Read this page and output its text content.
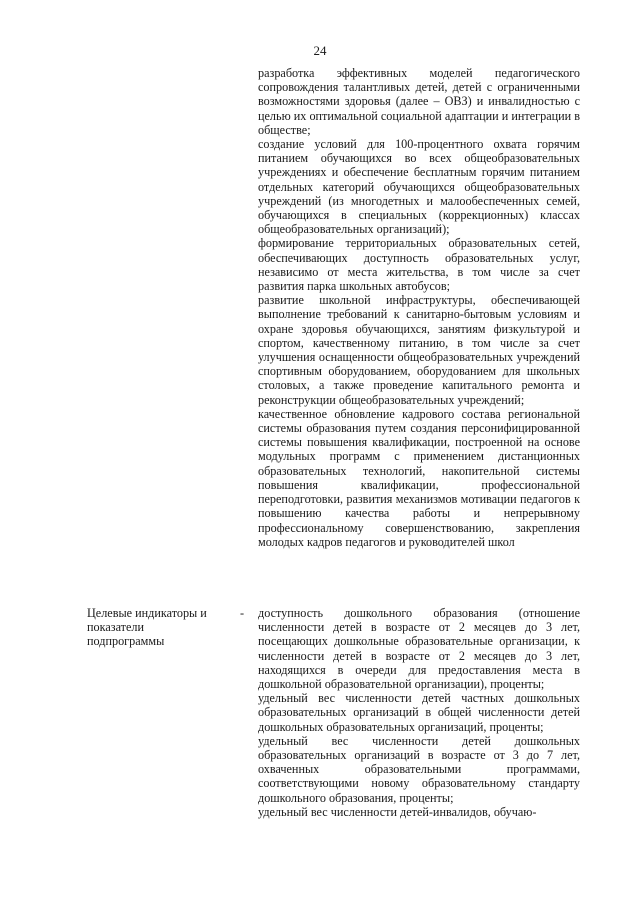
24

разработка эффективных моделей педагогического сопровождения талантливых детей, детей с ограниченными возможностями здоровья (далее – ОВЗ) и инвалидностью с целью их оптимальной социальной адаптации и интеграции в обществе;

создание условий для 100-процентного охвата горячим питанием обучающихся во всех общеобразовательных учреждениях и обеспечение бесплатным горячим питанием отдельных категорий обучающихся общеобразовательных учреждений (из многодетных и малообеспеченных семей, обучающихся в специальных (коррекционных) классах общеобразовательных организаций);

формирование территориальных образовательных сетей, обеспечивающих доступность образовательных услуг, независимо от места жительства, в том числе за счет развития парка школьных автобусов;

развитие школьной инфраструктуры, обеспечивающей выполнение требований к санитарно-бытовым условиям и охране здоровья обучающихся, занятиям физкультурой и спортом, качественному питанию, в том числе за счет улучшения оснащенности общеобразовательных учреждений спортивным оборудованием, оборудованием для школьных столовых, а также проведение капитального ремонта и реконструкции общеобразовательных учреждений;

качественное обновление кадрового состава региональной системы образования путем создания персонифицированной системы повышения квалификации, построенной на основе модульных программ с применением дистанционных образовательных технологий, накопительной системы повышения квалификации, профессиональной переподготовки, развития механизмов мотивации педагогов к повышению качества работы и непрерывному профессиональному совершенствованию, закрепления молодых кадров педагогов и руководителей школ

Целевые индикаторы и показатели подпрограммы
-	доступность дошкольного образования (отношение численности детей в возрасте от 2 месяцев до 3 лет, посещающих дошкольные образовательные организации, к численности детей в возрасте от 2 месяцев до 3 лет, находящихся в очереди для предоставления места в дошкольной образовательной организации), проценты;

удельный вес численности детей частных дошкольных образовательных организаций в общей численности детей дошкольных образовательных организаций, проценты;

удельный вес численности детей дошкольных образовательных организаций в возрасте от 3 до 7 лет, охваченных образовательными программами, соответствующими новому образовательному стандарту дошкольного образования, проценты;

удельный вес численности детей-инвалидов, обучаю-
